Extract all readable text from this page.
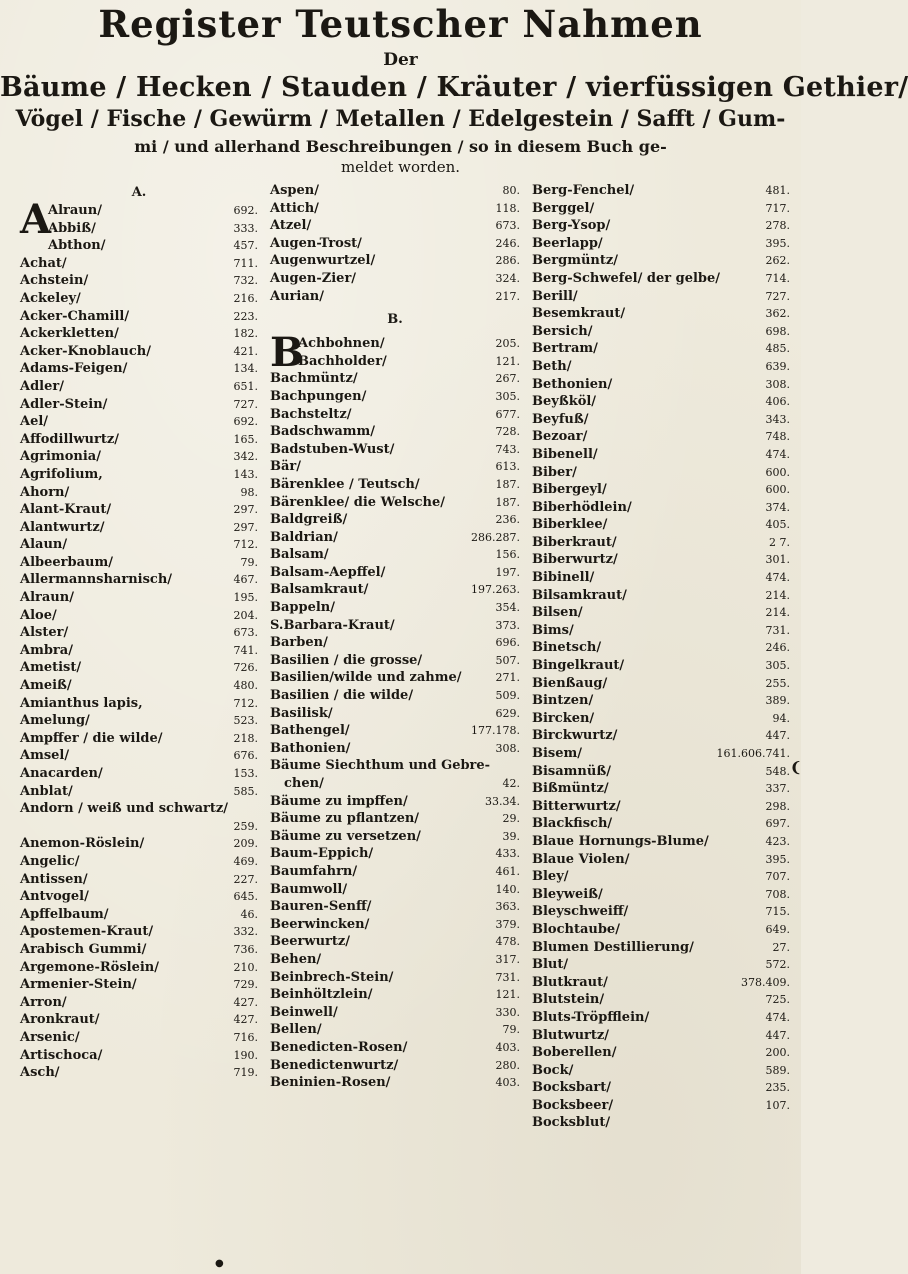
Register Teutscher Nahmen
Der
Bäume / Hecken / Stauden / Kräuter / vierfüssigen Gethier/
Vögel / Fische / Gewürm / Metallen / Edelgestein / Safft / Gum-
mi / und allerhand Beschreibungen / so in diesem Buch ge-
meldet worden.
A.
A
Alraun/	692.
Abbiß/	333.
Abthon/	457.
Achat/	711.
Achstein/	732.
Ackeley/	216.
Acker-Chamill/	223.
Ackerkletten/	182.
Acker-Knoblauch/	421.
Adams-Feigen/	134.
Adler/	651.
Adler-Stein/	727.
Ael/	692.
Affodillwurtz/	165.
Agrimonia/	342.
Agrifolium,	143.
Ahorn/	98.
Alant-Kraut/	297.
Alantwurtz/	297.
Alaun/	712.
Albeerbaum/	79.
Allermannsharnisch/	467.
Alraun/	195.
Aloe/	204.
Alster/	673.
Ambra/	741.
Ametist/	726.
Ameiß/	480.
Amianthus lapis,	712.
Amelung/	523.
Ampffer / die wilde/	218.
Amsel/	676.
Anacarden/	153.
Anblat/	585.
Andorn / weiß und schwartz/
259.
Anemon-Röslein/	209.
Angelic/	469.
Antissen/	227.
Antvogel/	645.
Apffelbaum/	46.
Apostemen-Kraut/	332.
Arabisch Gummi/	736.
Argemone-Röslein/	210.
Armenier-Stein/	729.
Arron/	427.
Aronkraut/	427.
Arsenic/	716.
Artischoca/	190.
Asch/	719.
Aspen/	80.
Attich/	118.
Atzel/	673.
Augen-Trost/	246.
Augenwurtzel/	286.
Augen-Zier/	324.
Aurian/	217.
B.
B
Achbohnen/	205.
Bachholder/	121.
Bachmüntz/	267.
Bachpungen/	305.
Bachsteltz/	677.
Badschwamm/	728.
Badstuben-Wust/	743.
Bär/	613.
Bärenklee / Teutsch/	187.
Bärenklee/ die Welsche/	187.
Baldgreiß/	236.
Baldrian/	286.287.
Balsam/	156.
Balsam-Aepffel/	197.
Balsamkraut/	197.263.
Bappeln/	354.
S.Barbara-Kraut/	373.
Barben/	696.
Basilien / die grosse/	507.
Basilien/wilde und zahme/	271.
Basilien / die wilde/	509.
Basilisk/	629.
Bathengel/	177.178.
Bathonien/	308.
Bäume Siechthum und Gebre-
chen/	42.
Bäume zu impffen/	33.34.
Bäume zu pflantzen/	29.
Bäume zu versetzen/	39.
Baum-Eppich/	433.
Baumfahrn/	461.
Baumwoll/	140.
Bauren-Senff/	363.
Beerwincken/	379.
Beerwurtz/	478.
Behen/	317.
Beinbrech-Stein/	731.
Beinhöltzlein/	121.
Beinwell/	330.
Bellen/	79.
Benedicten-Rosen/	403.
Benedictenwurtz/	280.
Beninien-Rosen/	403.
Berg-Fenchel/	481.
Berggel/	717.
Berg-Ysop/	278.
Beerlapp/	395.
Bergmüntz/	262.
Berg-Schwefel/ der gelbe/	714.
Berill/	727.
Besemkraut/	362.
Bersich/	698.
Bertram/	485.
Beth/	639.
Bethonien/	308.
Beyßköl/	406.
Beyfuß/	343.
Bezoar/	748.
Bibenell/	474.
Biber/	600.
Bibergeyl/	600.
Biberhödlein/	374.
Biberklee/	405.
Biberkraut/	2 7.
Biberwurtz/	301.
Bibinell/	474.
Bilsamkraut/	214.
Bilsen/	214.
Bims/	731.
Binetsch/	246.
Bingelkraut/	305.
Bienßaug/	255.
Bintzen/	389.
Bircken/	94.
Birckwurtz/	447.
Bisem/	161.606.741.
Bisamnüß/	548.
Bißmüntz/	337.
Bitterwurtz/	298.
Blackfisch/	697.
Blaue Hornungs-Blume/	423.
Blaue Violen/	395.
Bley/	707.
Bleyweiß/	708.
Bleyschweiff/	715.
Blochtaube/	649.
Blumen Destillierung/	27.
Blut/	572.
Blutkraut/	378.409.
Blutstein/	725.
Bluts-Tröpfflein/	474.
Blutwurtz/	447.
Boberellen/	200.
Bock/	589.
Bocksbart/	235.
Bocksbeer/	107.
Bocksblut/
❨
●
